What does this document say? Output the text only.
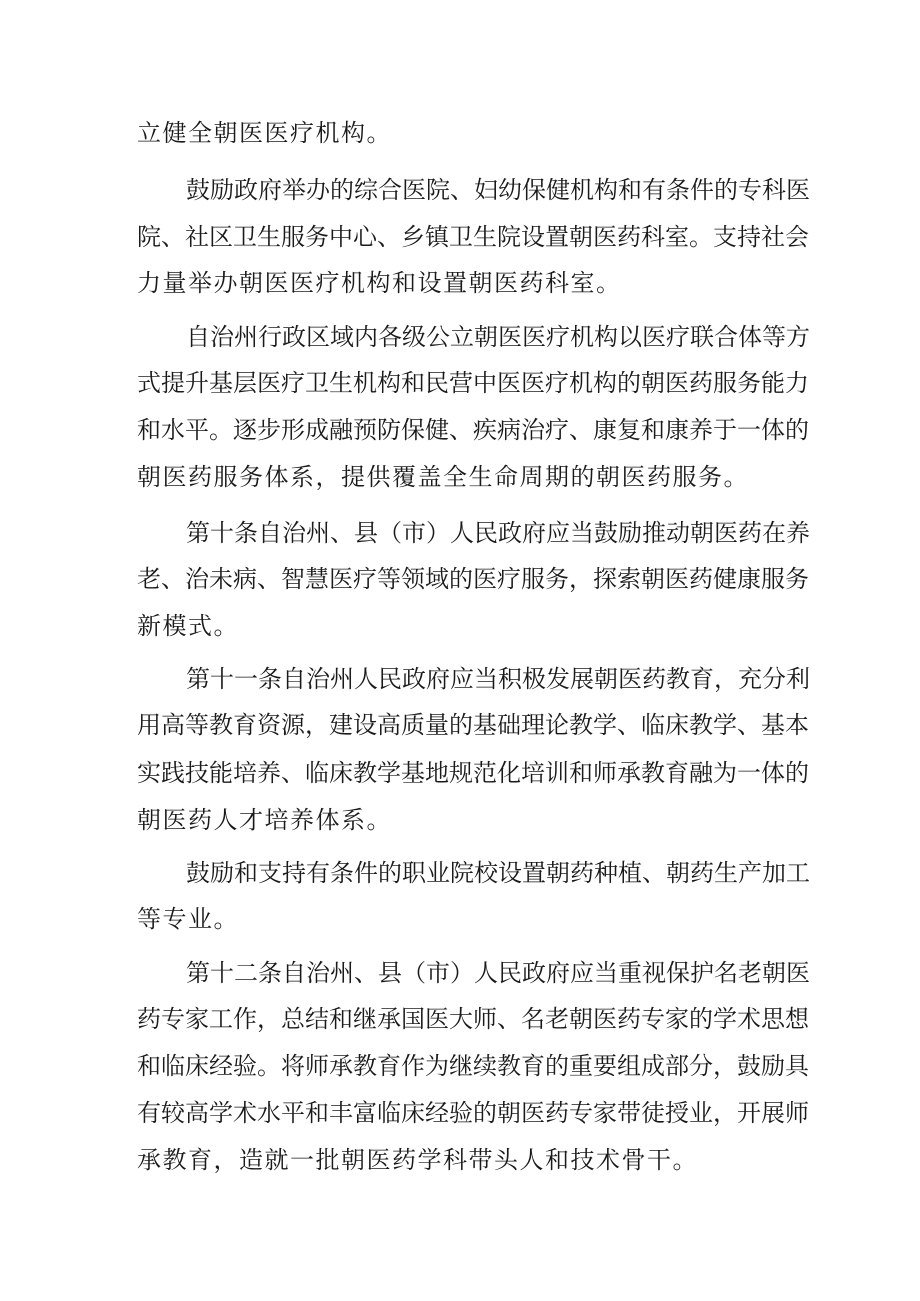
立健全朝医医疗机构。
鼓励政府举办的综合医院、妇幼保健机构和有条件的专科医
院、社区卫生服务中心、乡镇卫生院设置朝医药科室。支持社会
力量举办朝医医疗机构和设置朝医药科室。
自治州行政区域内各级公立朝医医疗机构以医疗联合体等方
式提升基层医疗卫生机构和民营中医医疗机构的朝医药服务能力
和水平。逐步形成融预防保健、疾病治疗、康复和康养于一体的
朝医药服务体系，提供覆盖全生命周期的朝医药服务。
第十条自治州、县（市）人民政府应当鼓励推动朝医药在养
老、治未病、智慧医疗等领域的医疗服务，探索朝医药健康服务
新模式。
第十一条自治州人民政府应当积极发展朝医药教育，充分利
用高等教育资源，建设高质量的基础理论教学、临床教学、基本
实践技能培养、临床教学基地规范化培训和师承教育融为一体的
朝医药人才培养体系。
鼓励和支持有条件的职业院校设置朝药种植、朝药生产加工
等专业。
第十二条自治州、县（市）人民政府应当重视保护名老朝医
药专家工作，总结和继承国医大师、名老朝医药专家的学术思想
和临床经验。将师承教育作为继续教育的重要组成部分，鼓励具
有较高学术水平和丰富临床经验的朝医药专家带徒授业，开展师
承教育，造就一批朝医药学科带头人和技术骨干。
